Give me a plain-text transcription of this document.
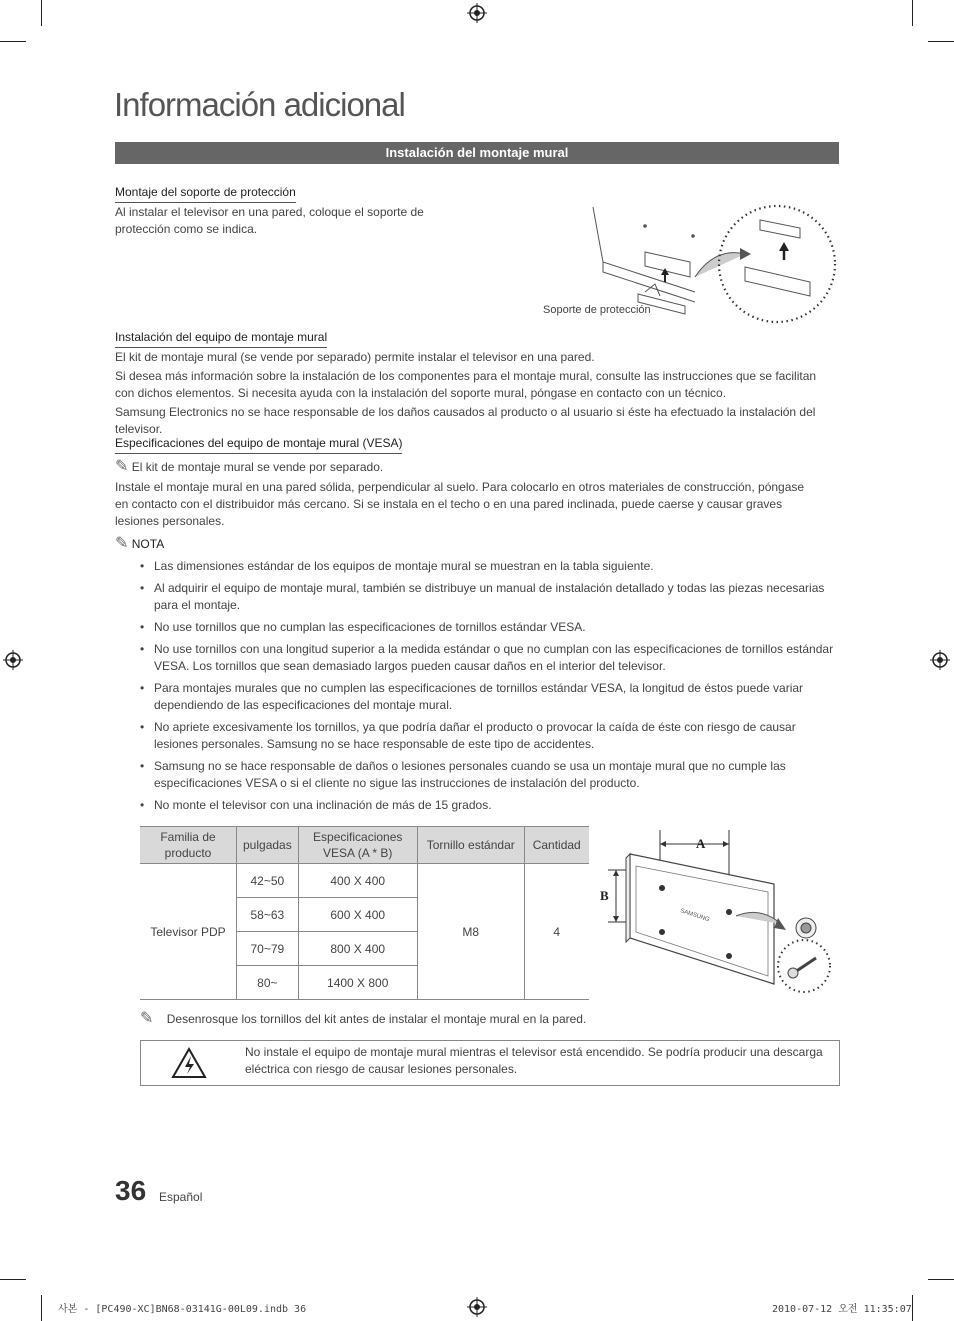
Información adicional
Instalación del montaje mural
Montaje del soporte de protección
Al instalar el televisor en una pared, coloque el soporte de protección como se indica.
Soporte de protección
Instalación del equipo de montaje mural
El kit de montaje mural (se vende por separado) permite instalar el televisor en una pared.
Si desea más información sobre la instalación de los componentes para el montaje mural, consulte las instrucciones que se facilitan con dichos elementos. Si necesita ayuda con la instalación del soporte mural, póngase en contacto con un técnico.
Samsung Electronics no se hace responsable de los daños causados al producto o al usuario si éste ha efectuado la instalación del televisor.
Especificaciones del equipo de montaje mural (VESA)
✎ El kit de montaje mural se vende por separado.
Instale el montaje mural en una pared sólida, perpendicular al suelo. Para colocarlo en otros materiales de construcción, póngase en contacto con el distribuidor más cercano. Si se instala en el techo o en una pared inclinada, puede caerse y causar graves lesiones personales.
✎ NOTA
• Las dimensiones estándar de los equipos de montaje mural se muestran en la tabla siguiente.
• Al adquirir el equipo de montaje mural, también se distribuye un manual de instalación detallado y todas las piezas necesarias para el montaje.
• No use tornillos que no cumplan las especificaciones de tornillos estándar VESA.
• No use tornillos con una longitud superior a la medida estándar o que no cumplan con las especificaciones de tornillos estándar VESA. Los tornillos que sean demasiado largos pueden causar daños en el interior del televisor.
• Para montajes murales que no cumplen las especificaciones de tornillos estándar VESA, la longitud de éstos puede variar dependiendo de las especificaciones del montaje mural.
• No apriete excesivamente los tornillos, ya que podría dañar el producto o provocar la caída de éste con riesgo de causar lesiones personales. Samsung no se hace responsable de este tipo de accidentes.
• Samsung no se hace responsable de daños o lesiones personales cuando se usa un montaje mural que no cumple las especificaciones VESA o si el cliente no sigue las instrucciones de instalación del producto.
• No monte el televisor con una inclinación de más de 15 grados.
Familia de producto	pulgadas	Especificaciones VESA (A * B)	Tornillo estándar	Cantidad
Televisor PDP	42~50	400 X 400	M8	4
	58~63	600 X 400		
	70~79	800 X 400		
	80~	1400 X 800		
A
B
SAMSUNG
✎ Desenrosque los tornillos del kit antes de instalar el montaje mural en la pared.
No instale el equipo de montaje mural mientras el televisor está encendido. Se podría producir una descarga eléctrica con riesgo de causar lesiones personales.
36 Español
사본 - [PC490-XC]BN68-03141G-00L09.indb 36	2010-07-12 오전 11:35:07
